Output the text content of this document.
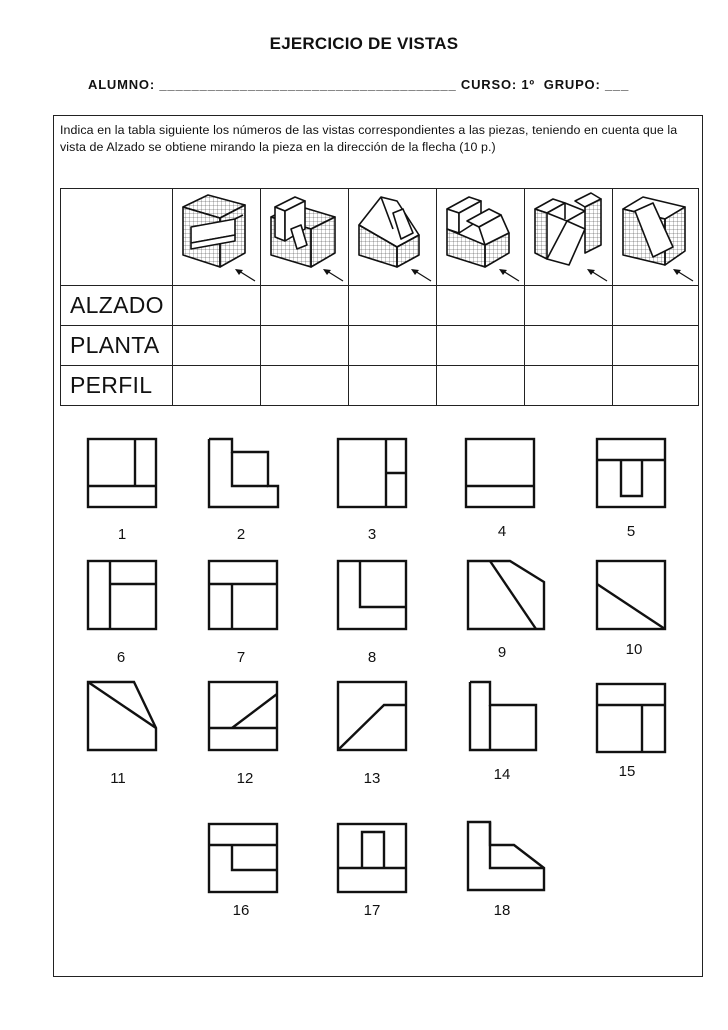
EJERCICIO DE VISTAS
ALUMNO: _____________________________________ CURSO: 1º  GRUPO: ___
Indica en la tabla siguiente los números de las vistas correspondientes a las piezas, teniendo en cuenta que la vista de Alzado se obtiene mirando la pieza en la dirección de la flecha (10 p.)

ALZADO						
PLANTA						
PERFIL						
1	2	3	4	5
6	7	8	9	10
11	12	13	14	15
16	17	18
